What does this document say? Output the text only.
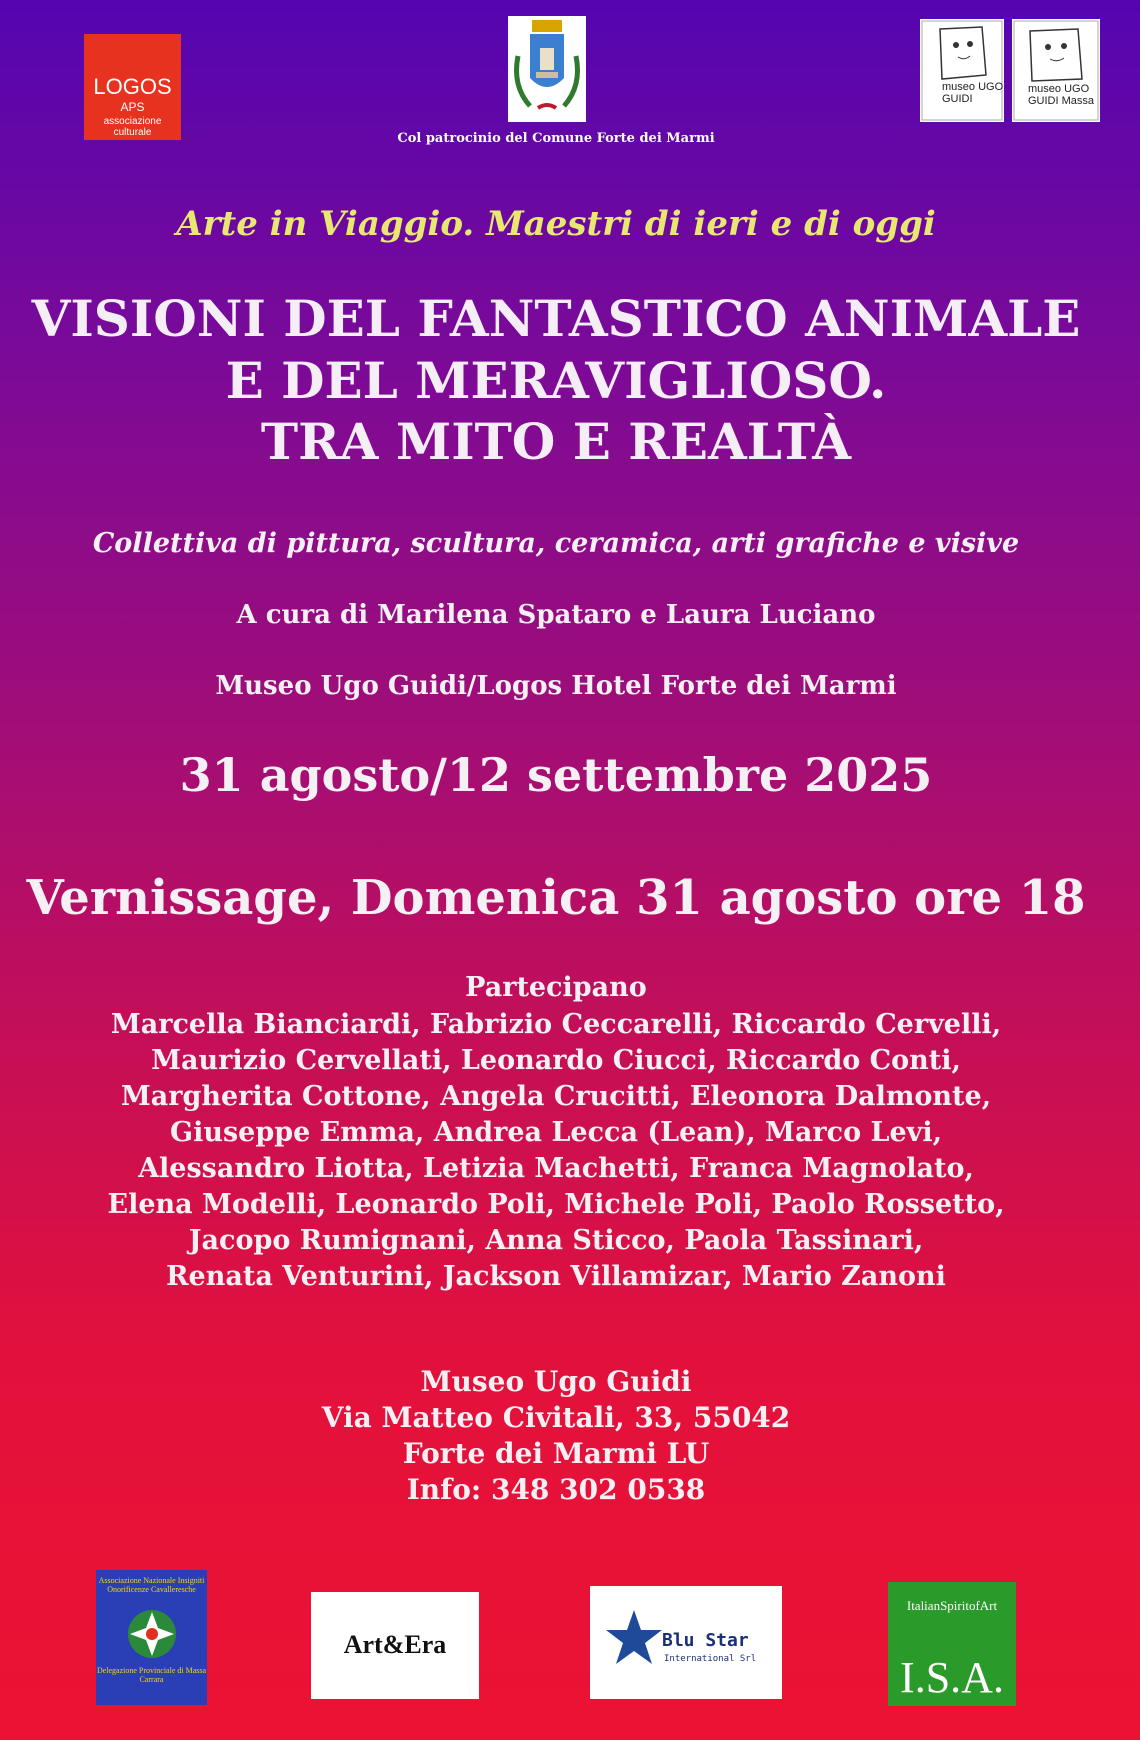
LOGOS
APS
associazione culturale	Col patrocinio del Comune Forte dei Marmi
museo UGO GUIDI
museo UGO GUIDI Massa
Arte in Viaggio. Maestri di ieri e di oggi
VISIONI DEL FANTASTICO ANIMALE
E DEL MERAVIGLIOSO.
TRA MITO E REALTÀ
Collettiva di pittura, scultura, ceramica, arti grafiche e visive
A cura di Marilena Spataro e Laura Luciano
Museo Ugo Guidi/Logos Hotel Forte dei Marmi
31 agosto/12 settembre 2025
Vernissage, Domenica 31 agosto ore 18
Partecipano
Marcella Bianciardi, Fabrizio Ceccarelli, Riccardo Cervelli,
Maurizio Cervellati, Leonardo Ciucci, Riccardo Conti,
Margherita Cottone, Angela Crucitti, Eleonora Dalmonte,
Giuseppe Emma, Andrea Lecca (Lean), Marco Levi,
Alessandro Liotta, Letizia Machetti, Franca Magnolato,
Elena Modelli, Leonardo Poli, Michele Poli, Paolo Rossetto,
Jacopo Rumignani, Anna Sticco, Paola Tassinari,
Renata Venturini, Jackson Villamizar, Mario Zanoni
Museo Ugo Guidi
Via Matteo Civitali, 33, 55042
Forte dei Marmi LU
Info: 348 302 0538
Associazione Nazionale Insigniti Onorificenze Cavalleresche
Delegazione Provinciale di Massa Carrara
Art&Era	Blu Star
International Srl
ItalianSpiritofArt
I.S.A.
